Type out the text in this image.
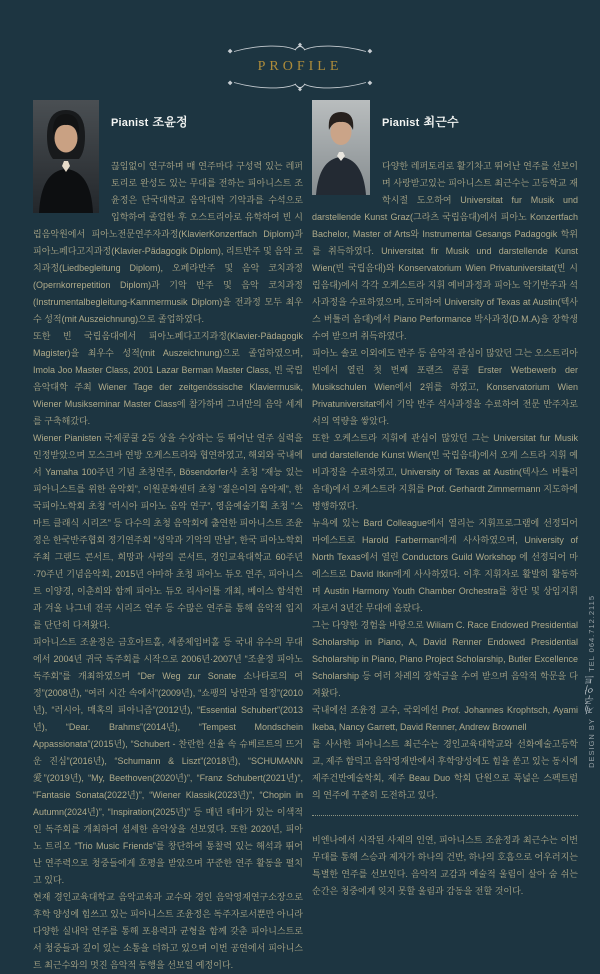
PROFILE
Pianist 조윤정

끊임없이 연구하며 매 연주마다 구성력 있는 레퍼토리로 완성도 있는 무대를 전하는 피아니스트 조윤정은 단국대학교 음악대학 기악과를 수석으로 입학하여 졸업한 후 오스트리아로 유학하여 빈 시립음악원에서 피아노전문연주자과정(KlavierKonzertfach Diplom)과 피아노페다고지과정(Klavier-Pädagogik Diplom), 리트반주 및 음악 코치과정(Liedbegleitung Diplom), 오페라반주 및 음악 코치과정(Opernkorrepetition Diplom)과 기악 반주 및 음악 코치과정(Instrumentalbegleitung-Kammermusik Diplom)을 전과정 모두 최우수 성적(mit Auszeichnung)으로 졸업하였다.

또한 빈 국립음대에서 피아노페다고지과정(Klavier-Pädagogik Magister)을 최우수 성적(mit Auszeichnung)으로 졸업하였으며, Imola Joo Master Class, 2001 Lazar Berman Master Class, 빈 국립음악대학 주최 Wiener Tage der zeitgenössische Klaviermusik, Wiener Musikseminar Master Class에 참가하며 그녀만의 음악 세계를 구축해갔다.

Wiener Pianisten 국제콩쿨 2등 상을 수상하는 등 뛰어난 연주 실력을 인정받았으며 모스크바 연방 오케스트라와 협연하였고, 해외와 국내에서 Yamaha 100주년 기념 초청연주, Bösendorfer사 초청 “재능 있는 피아니스트를 위한 음악회”, 이원문화센터 초청 “젊은이의 음악제”, 한국피아노학회 초청 “러시아 피아노 음악 연구”, 영음예술기획 초청 “스마트 클래식 시리즈” 등 다수의 초청 음악회에 출연한 피아니스트 조윤정은 한국반주협회 정기연주회 “성악과 기악의 만남”, 한국 피아노학회 주최 그랜드 콘서트, 희망과 사랑의 콘서트, 경인교육대학교 60주년·70주년 기념음악회, 2015년 야마하 초청 피아노 듀오 연주, 피아니스트 이양경, 이춘희와 함께 피아노 듀오 리사이틀 개최, 베이스 함석헌과 겨울 나그네 전곡 시리즈 연주 등 수많은 연주를 통해 음악적 입지를 단단히 다져왔다.

피아니스트 조윤정은 금호아트홀, 세종체임버홀 등 국내 유수의 무대에서 2004년 귀국 독주회를 시작으로 2006년·2007년 “조윤정 피아노 독주회”를 개최하였으며 “Der Weg zur Sonate 소나타로의 여정”(2008년), “여러 시간 속에서”(2009년), “쇼팽의 낭만과 열정”(2010년), “러시아, 매혹의 피아니즘”(2012년), “Essential Schubert”(2013년), “Dear. Brahms”(2014년), “Tempest Mondschein Appassionata”(2015년), “Schubert - 찬란한 선율 속 슈베르트의 뜨거운 진심”(2016년), “Schumann & Liszt”(2018년), “SCHUMANN 愛”(2019년), “My, Beethoven(2020년)”, “Franz Schubert(2021년)”, “Fantasie Sonata(2022년)”, “Wiener Klassik(2023년)”, “Chopin in Autumn(2024년)”, “Inspiration(2025년)” 등 매년 테마가 있는 이색적인 독주회를 개최하여 섬세한 음악상을 선보였다. 또한 2020년, 피아노 트리오 “Trio Music Friends”를 창단하여 통찰력 있는 해석과 뛰어난 연주력으로 청중들에게 호평을 받았으며 꾸준한 연주 활동을 펼치고 있다.

현재 경인교육대학교 음악교육과 교수와 경인 음악영재연구소장으로 후학 양성에 힘쓰고 있는 피아니스트 조윤정은 독주자로서뿐만 아니라 다양한 실내악 연주를 통해 포용력과 균형을 함께 갖춘 피아니스트로서 청중들과 깊이 있는 소통을 더하고 있으며 이번 공연에서 피아니스트 최근수와의 멋진 음악적 동행을 선보일 예정이다.

Pianist 최근수

다양한 레퍼토리로 활기차고 뛰어난 연주를 선보이며 사랑받고있는 피아니스트 최근수는 고등학교 재학시절 도오하여 Universitat fur Musik und darstellende Kunst Graz(그라츠 국립음대)에서 피아노 Konzertfach Bachelor, Master of Arts와 Instrumental Gesangs Padagogik 학위를 취득하였다. Universitat fir Musik und darstellende Kunst Wien(빈 국립음대)와 Konservatorium Wien Privatuniversitat(빈 시립음대)에서 각각 오케스트라 지휘 예비과정과 피아노 악기반주과 석사과정을 수료하였으며, 도미하여 University of Texas at Austin(텍사스 버틀러 음대)에서 Piano Performance 박사과정(D.M.A)을 장학생 수여 받으며 취득하였다.

피아노 솔로 이외에도 반주 등 음악적 관심이 많았던 그는 오스트리아 빈에서 열린 첫 번째 포랜즈 콩쿨 Erster Wetbewerb der Musikschulen Wien에서 2위를 하였고, Konservatorium Wien Privatuniversitat에서 기악 반주 석사과정을 수료하여 전문 반주자로서의 역량을 쌓았다.

또한 오케스트라 지휘에 관심이 많았던 그는 Universitat fur Musik und darstellende Kunst Wien(빈 국립음대)에서 오케 스트라 지휘 예비과정을 수료하였고, University of Texas at Austin(텍사스 버틀러 음대)에서 오케스트라 지휘를 Prof. Gerhardt Zimmermann 지도하에 병행하였다.

뉴욕에 있는 Bard Colleague에서 열리는 지휘프로그램에 선정되어 마에스트로 Harold Farberman에게 사사하였으며, University of North Texas에서 열린 Conductors Guild Workshop 에 선정되어 마에스트로 David Itkin에게 사사하였다. 이후 지휘자로 활발히 활동하며 Austin Harmony Youth Chamber Orchestra를 창단 및 상임지휘자로서 3년간 무대에 올랐다.

그는 다양한 경험을 바탕으로 Wiliam C. Race Endowed Presidential Scholarship in Piano, A, David Renner Endowed Presidential Scholarship in Piano, Piano Project Scholarship, Butler Excellence Scholarship 등 여러 차례의 장학금을 수여 받으며 음악적 학문을 다져왔다.

국내에선 조윤정 교수, 국외에선 Prof. Johannes Krophtsch, Ayami Ikeba, Nancy Garrett, David Renner, Andrew Brownell

를 사사한 피아니스트 최근수는 경인교육대학교와 선화예술고등학교, 제주 함덕고 음악영재반에서 후학양성에도 힘을 쏟고 있는 동시에 제주건반예술학회, 제주 Beau Duo 학회 단원으로 폭넓은 스펙트럼의 연주에 꾸준히 도전하고 있다.

비엔나에서 시작된 사제의 인연, 피아니스트 조윤정과 최근수는 이번 무대를 통해 스승과 제자가 하나의 건반, 하나의 호흡으로 어우러지는 특별한 연주를 선보인다. 음악적 교감과 예술적 울림이 살아 숨 쉬는 순간은 청중에게 잊지 못할 울림과 감동을 전할 것이다.

DESIGN BY 제주아트 TEL 064.712.2115
